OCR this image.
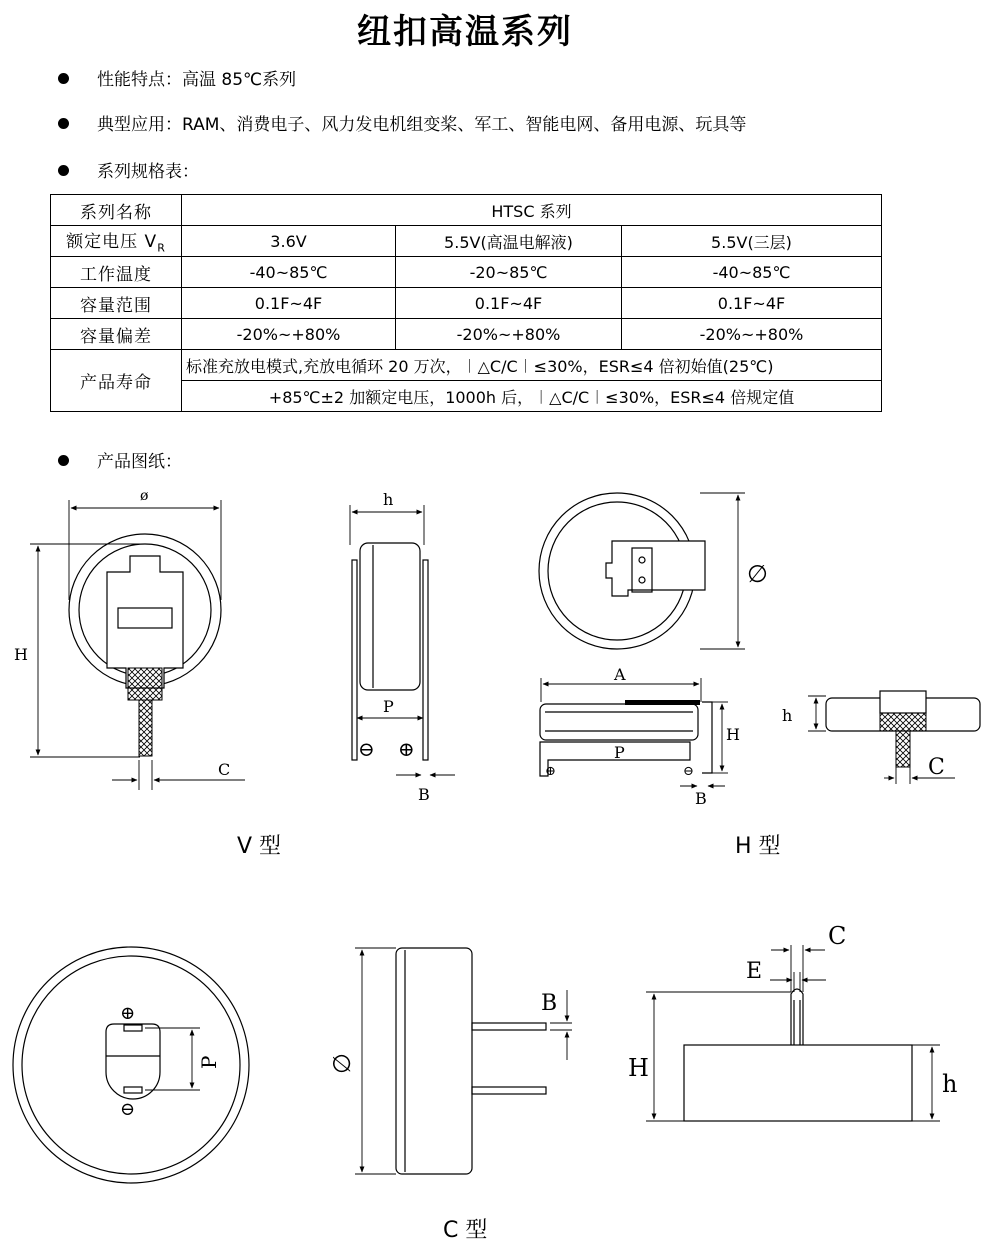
纽扣高温系列
性能特点：高温 85℃系列
典型应用：RAM、消费电子、风力发电机组变桨、军工、智能电网、备用电源、玩具等
系列规格表：
系列名称	HTSC 系列		
额定电压 $V_R$	3.6V	5.5V(高温电解液)	5.5V(三层)
工作温度	-40~85℃	-20~85℃	-40~85℃
容量范围	0.1F~4F	0.1F~4F	0.1F~4F
容量偏差	-20%~+80%	-20%~+80%	-20%~+80%
产品寿命	标准充放电模式,充放电循环 20 万次，︱△C/C︱≤30%，ESR≤4 倍初始值(25℃)		
	+85℃±2 加额定电压，1000h 后，︱△C/C︱≤30%，ESR≤4 倍规定值		
产品图纸：
ø
H
C
h
P
⊖ ⊕
B
V 型
∅
A
P
⊕	⊖
H
B
h
C
H 型
⊕
⊖
P	∅
B
C
E
H
h
C 型
